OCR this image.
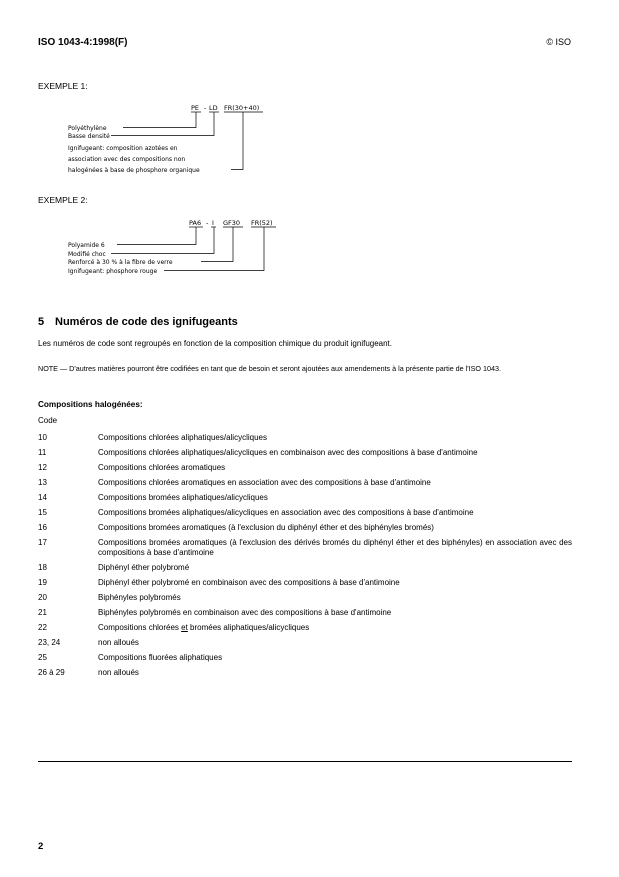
ISO 1043-4:1998(F)	© ISO
EXEMPLE 1:
PE - LD FR(30+40)
Polyéthylène
Basse densité
Ignifugeant: composition azotées en
association avec des compositions non
halogénées à base de phosphore organique
EXEMPLE 2:
PA6 - I GF30 FR(52)
Polyamide 6
Modifié choc
Renforcé à 30 % à la fibre de verre
Ignifugeant: phosphore rouge
5 Numéros de code des ignifugeants
Les numéros de code sont regroupés en fonction de la composition chimique du produit ignifugeant.
NOTE — D'autres matières pourront être codifiées en tant que de besoin et seront ajoutées aux amendements à la présente partie de l'ISO 1043.
Compositions halogénées:
Code
10	Compositions chlorées aliphatiques/alicycliques
11	Compositions chlorées aliphatiques/alicycliques en combinaison avec des compositions à base d'antimoine
12	Compositions chlorées aromatiques
13	Compositions chlorées aromatiques en association avec des compositions à base d'antimoine
14	Compositions bromées aliphatiques/alicycliques
15	Compositions bromées aliphatiques/alicycliques en association avec des compositions à base d'antimoine
16	Compositions bromées aromatiques (à l'exclusion du diphényl éther et des biphényles bromés)
17	Compositions bromées aromatiques (à l'exclusion des dérivés bromés du diphényl éther et des biphényles) en association avec des compositions à base d'antimoine
18	Diphényl éther polybromé
19	Diphényl éther polybromé en combinaison avec des compositions à base d'antimoine
20	Biphényles polybromés
21	Biphényles polybromés en combinaison avec des compositions à base d'antimoine
22	Compositions chlorées et bromées aliphatiques/alicycliques
23, 24	non alloués
25	Compositions fluorées aliphatiques
26 à 29	non alloués
2
